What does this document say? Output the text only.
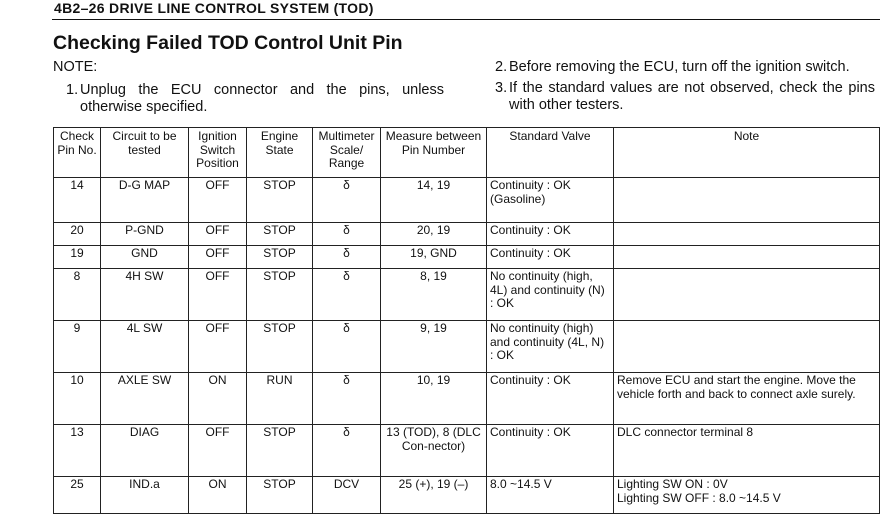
4B2–26 DRIVE LINE CONTROL SYSTEM (TOD)
Checking Failed TOD Control Unit Pin
NOTE:
1. Unplug the ECU connector and the pins, unless otherwise specified.
2. Before removing the ECU, turn off the ignition switch.
3. If the standard values are not observed, check the pins with other testers.
Check Pin No.	Circuit to be tested	Ignition Switch Position	Engine State	Multimeter Scale/ Range	Measure between Pin Number	Standard Valve	Note
14	D-G MAP	OFF	STOP	δ	14, 19	Continuity : OK (Gasoline)	
20	P-GND	OFF	STOP	δ	20, 19	Continuity : OK	
19	GND	OFF	STOP	δ	19, GND	Continuity : OK	
8	4H SW	OFF	STOP	δ	8, 19	No continuity (high, 4L) and continuity (N) : OK	
9	4L SW	OFF	STOP	δ	9, 19	No continuity (high) and continuity (4L, N) : OK	
10	AXLE SW	ON	RUN	δ	10, 19	Continuity : OK	Remove ECU and start the engine. Move the vehicle forth and back to connect axle surely.
13	DIAG	OFF	STOP	δ	13 (TOD), 8 (DLC Con-nector)	Continuity : OK	DLC connector terminal 8
25	IND.a	ON	STOP	DCV	25 (+), 19 (–)	8.0 ~14.5 V	Lighting SW ON : 0V
Lighting SW OFF : 8.0 ~14.5 V
